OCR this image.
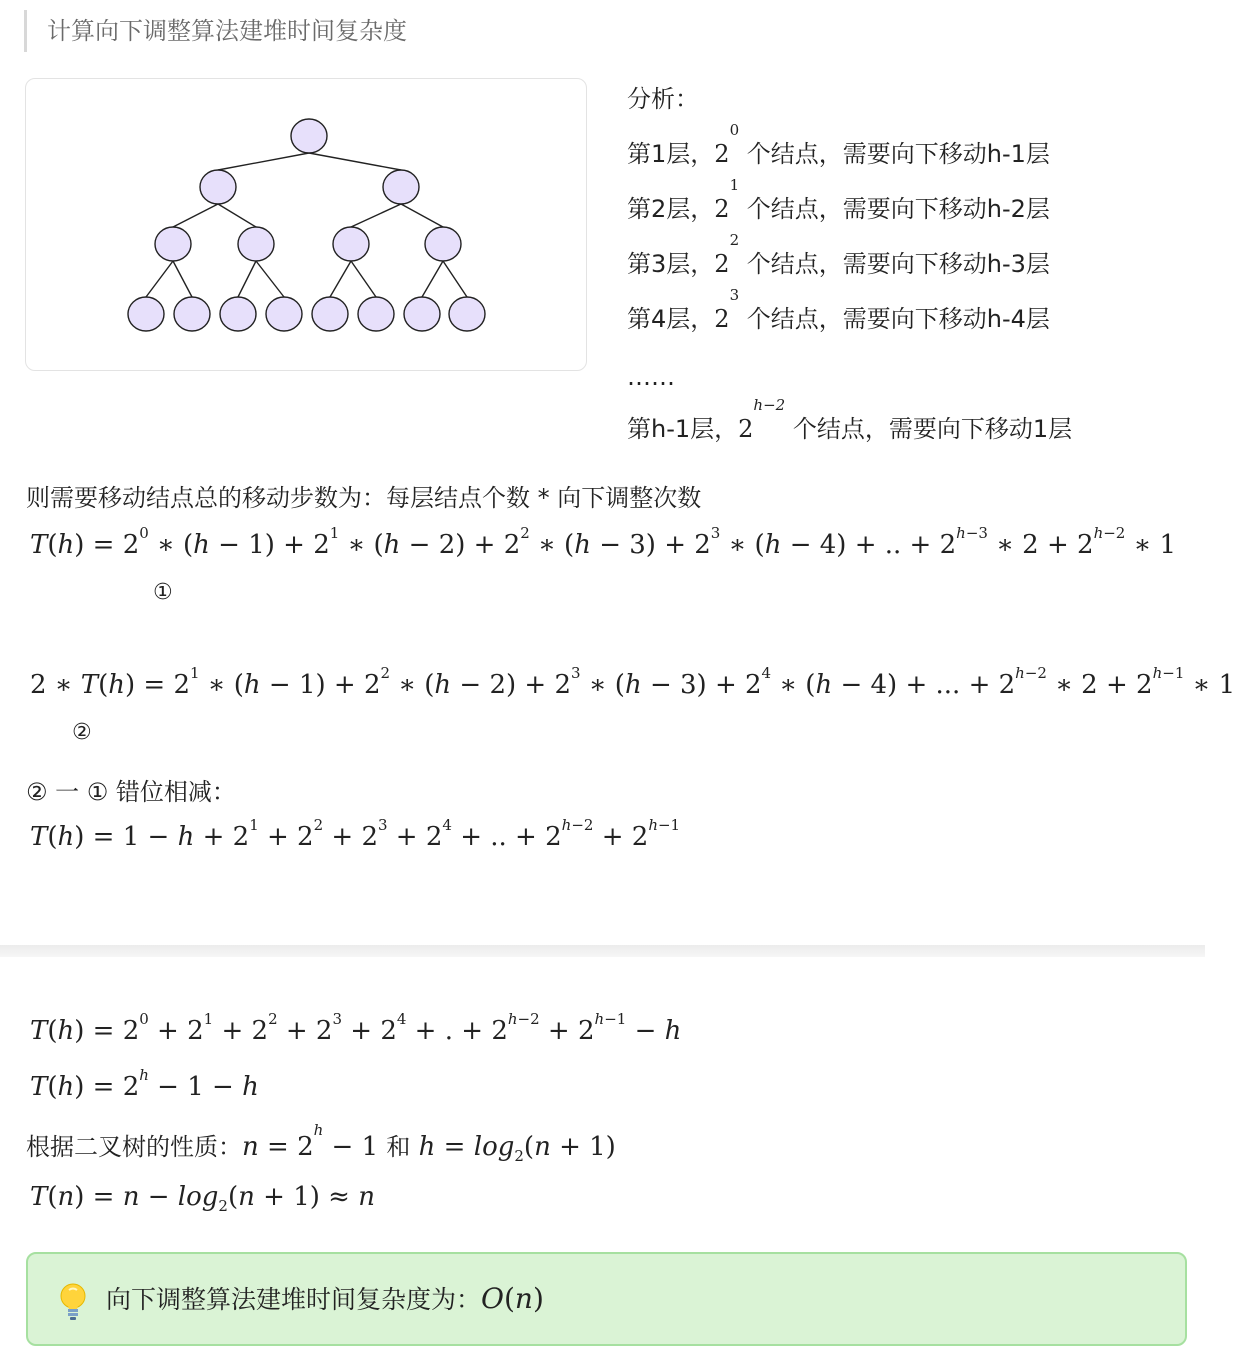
计算向下调整算法建堆时间复杂度
分析：
第1层，$2^0$ 个结点，需要向下移动h-1层
第2层，$2^1$ 个结点，需要向下移动h-2层
第3层，$2^2$ 个结点，需要向下移动h-3层
第4层，$2^3$ 个结点，需要向下移动h-4层
……
第h-1层，$2^{h-2}$ 个结点，需要向下移动1层
则需要移动结点总的移动步数为：每层结点个数 * 向下调整次数
$T(h) = 2^0$ ∗ $(h - 1) + 2^1$ ∗ $(h - 2) + 2^2$ ∗ $(h - 3) + 2^3$ ∗ (h − 4) + .. + $2^{h-3}$ ∗ $2 + 2^{h-2}$ ∗ 1
①
2 ∗ $T(h) = 2^1$ ∗ $(h - 1) + 2^2$ ∗ $(h - 2) + 2^3$ ∗ $(h - 3) + 2^4$ ∗ (h − 4) + ... + $2^{h-2}$ ∗ $2 + 2^{h-1}$ ∗ 1
②
② 一 ① 错位相减：
$T(h) = 1 - h + 2^1 + 2^2 + 2^3 + 2^4$ + .. + $2^{h-2} + 2^{h-1}$
$T(h) = 2^0 + 2^1 + 2^2 + 2^3 + 2^4$ + . + $2^{h-2} + 2^{h-1} - h$
$T(h) = 2^h - 1 - h$
根据二叉树的性质：$n = 2^h - 1$ 和 $h = \log_2(n + 1)$
$T(n) = n - \log_2(n + 1) \approx n$
向下调整算法建堆时间复杂度为：O(n)
